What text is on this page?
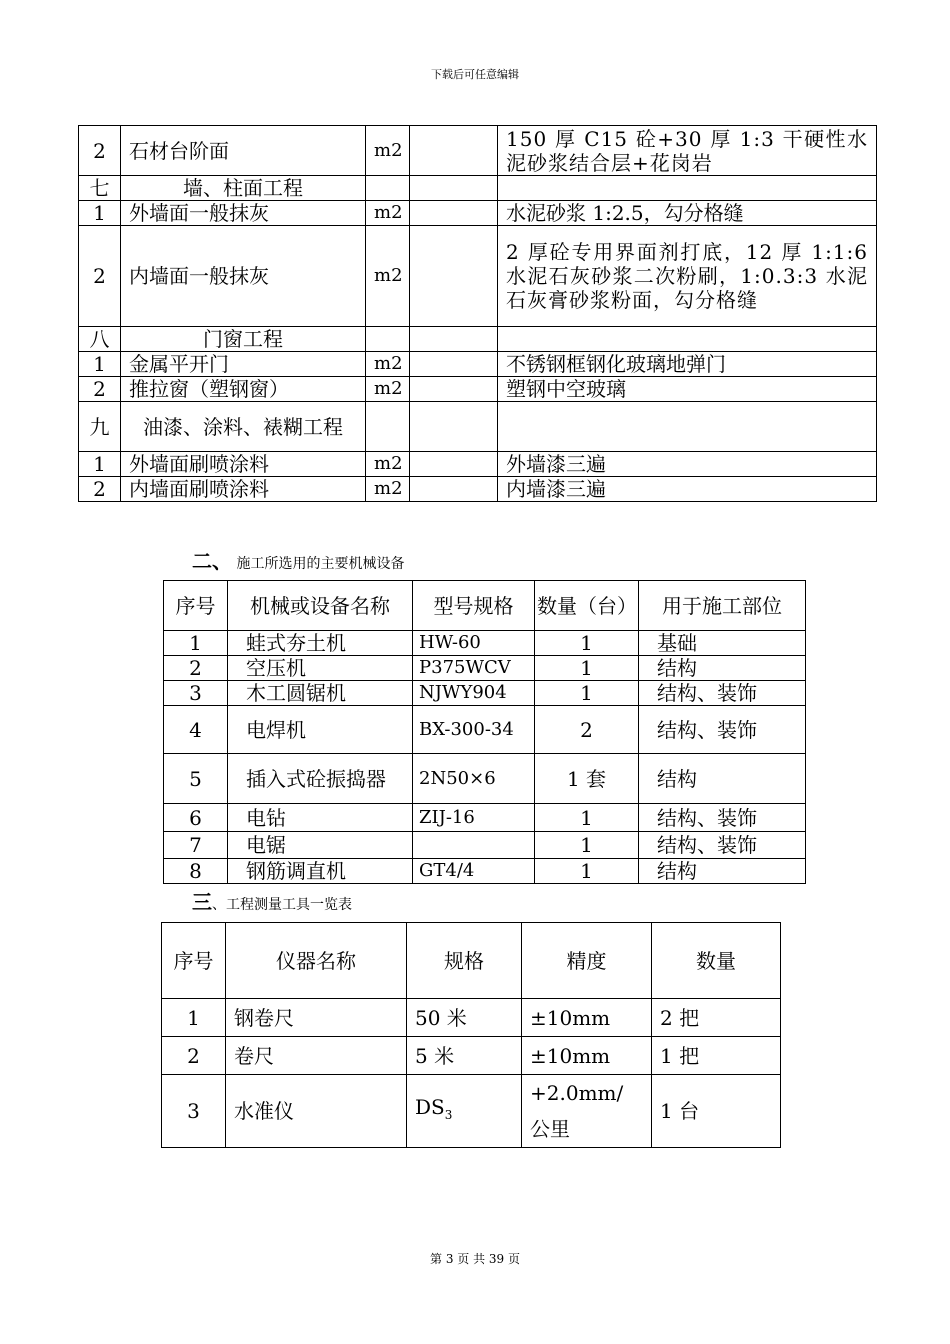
下载后可任意编辑
2	石材台阶面	m2		150 厚 C15 砼+30 厚 1:3 干硬性水泥砂浆结合层+花岗岩
七	墙、柱面工程			
1	外墙面一般抹灰	m2		水泥砂浆 1:2.5，勾分格缝
2	内墙面一般抹灰	m2		2 厚砼专用界面剂打底，12 厚 1:1:6 水泥石灰砂浆二次粉刷，1:0.3:3 水泥石灰膏砂浆粉面，勾分格缝
八	门窗工程			
1	金属平开门	m2		不锈钢框钢化玻璃地弹门
2	推拉窗（塑钢窗）	m2		塑钢中空玻璃
九	油漆、涂料、裱糊工程			
1	外墙面刷喷涂料	m2		外墙漆三遍
2	内墙面刷喷涂料	m2		内墙漆三遍
二、 施工所选用的主要机械设备
序号	机械或设备名称	型号规格	数量（台）	用于施工部位
1	蛙式夯土机	HW-60	1	基础
2	空压机	P375WCV	1	结构
3	木工圆锯机	NJWY904	1	结构、装饰
4	电焊机	BX-300-34	2	结构、装饰
5	插入式砼振捣器	2N50×6	1 套	结构
6	电钻	ZIJ-16	1	结构、装饰
7	电锯		1	结构、装饰
8	钢筋调直机	GT4/4	1	结构
三、工程测量工具一览表
序号	仪器名称	规格	精度	数量
1	钢卷尺	50 米	±10mm	2 把
2	卷尺	5 米	±10mm	1 把
3	水准仪	$DS_3$	+2.0mm/公里	1 台
第 3 页 共 39 页
